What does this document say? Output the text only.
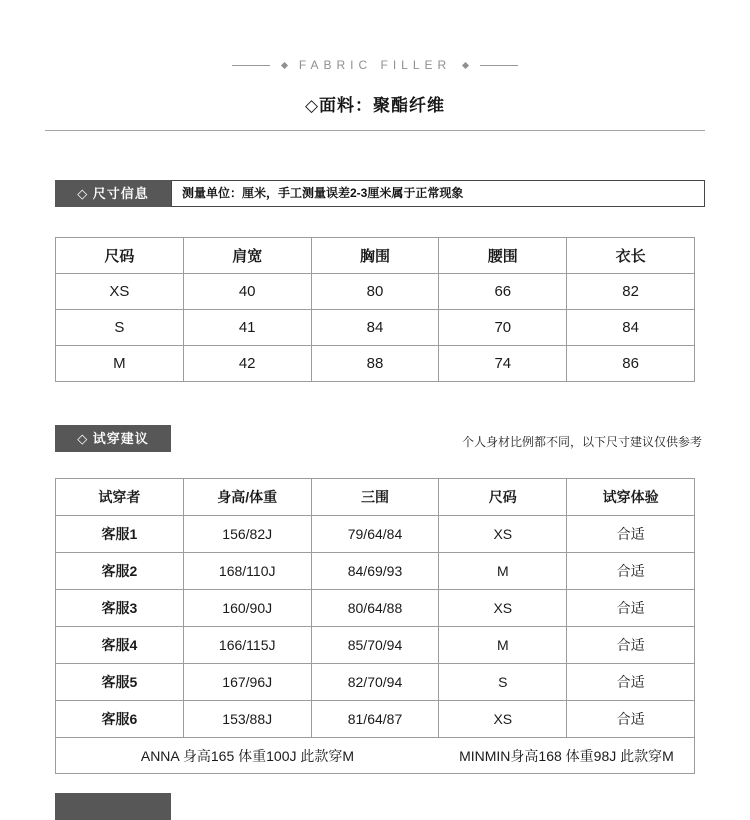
FABRIC FILLER
◇面料：聚酯纤维
◇ 尺寸信息	测量单位：厘米，手工测量误差2-3厘米属于正常现象
尺码	肩宽	胸围	腰围	衣长
XS	40	80	66	82
S	41	84	70	84
M	42	88	74	86
◇ 试穿建议	个人身材比例都不同，以下尺寸建议仅供参考
试穿者	身高/体重	三围	尺码	试穿体验
客服1	156/82J	79/64/84	XS	合适
客服2	168/110J	84/69/93	M	合适
客服3	160/90J	80/64/88	XS	合适
客服4	166/115J	85/70/94	M	合适
客服5	167/96J	82/70/94	S	合适
客服6	153/88J	81/64/87	XS	合适
ANNA 身高165 体重100J 此款穿M			MINMIN身高168 体重98J 此款穿M	
